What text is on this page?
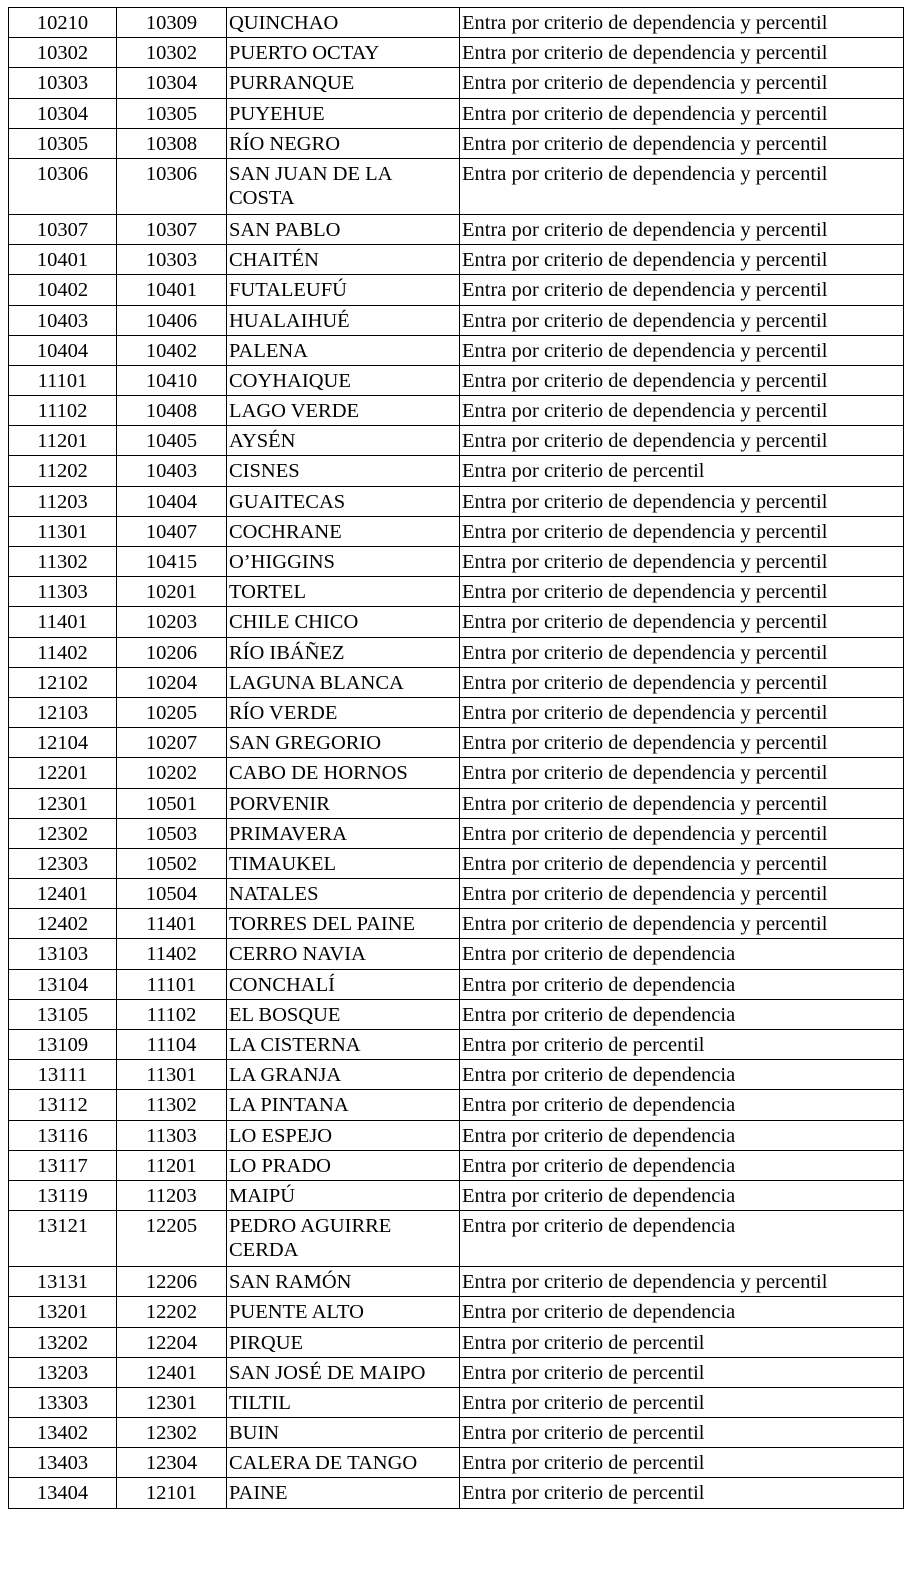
10210	10309	QUINCHAO	Entra por criterio de dependencia y percentil
10302	10302	PUERTO OCTAY	Entra por criterio de dependencia y percentil
10303	10304	PURRANQUE	Entra por criterio de dependencia y percentil
10304	10305	PUYEHUE	Entra por criterio de dependencia y percentil
10305	10308	RÍO NEGRO	Entra por criterio de dependencia y percentil
10306	10306	SAN JUAN DE LA COSTA	Entra por criterio de dependencia y percentil
10307	10307	SAN PABLO	Entra por criterio de dependencia y percentil
10401	10303	CHAITÉN	Entra por criterio de dependencia y percentil
10402	10401	FUTALEUFÚ	Entra por criterio de dependencia y percentil
10403	10406	HUALAIHUÉ	Entra por criterio de dependencia y percentil
10404	10402	PALENA	Entra por criterio de dependencia y percentil
11101	10410	COYHAIQUE	Entra por criterio de dependencia y percentil
11102	10408	LAGO VERDE	Entra por criterio de dependencia y percentil
11201	10405	AYSÉN	Entra por criterio de dependencia y percentil
11202	10403	CISNES	Entra por criterio de percentil
11203	10404	GUAITECAS	Entra por criterio de dependencia y percentil
11301	10407	COCHRANE	Entra por criterio de dependencia y percentil
11302	10415	O’HIGGINS	Entra por criterio de dependencia y percentil
11303	10201	TORTEL	Entra por criterio de dependencia y percentil
11401	10203	CHILE CHICO	Entra por criterio de dependencia y percentil
11402	10206	RÍO IBÁÑEZ	Entra por criterio de dependencia y percentil
12102	10204	LAGUNA BLANCA	Entra por criterio de dependencia y percentil
12103	10205	RÍO VERDE	Entra por criterio de dependencia y percentil
12104	10207	SAN GREGORIO	Entra por criterio de dependencia y percentil
12201	10202	CABO DE HORNOS	Entra por criterio de dependencia y percentil
12301	10501	PORVENIR	Entra por criterio de dependencia y percentil
12302	10503	PRIMAVERA	Entra por criterio de dependencia y percentil
12303	10502	TIMAUKEL	Entra por criterio de dependencia y percentil
12401	10504	NATALES	Entra por criterio de dependencia y percentil
12402	11401	TORRES DEL PAINE	Entra por criterio de dependencia y percentil
13103	11402	CERRO NAVIA	Entra por criterio de dependencia
13104	11101	CONCHALÍ	Entra por criterio de dependencia
13105	11102	EL BOSQUE	Entra por criterio de dependencia
13109	11104	LA CISTERNA	Entra por criterio de percentil
13111	11301	LA GRANJA	Entra por criterio de dependencia
13112	11302	LA PINTANA	Entra por criterio de dependencia
13116	11303	LO ESPEJO	Entra por criterio de dependencia
13117	11201	LO PRADO	Entra por criterio de dependencia
13119	11203	MAIPÚ	Entra por criterio de dependencia
13121	12205	PEDRO AGUIRRE CERDA	Entra por criterio de dependencia
13131	12206	SAN RAMÓN	Entra por criterio de dependencia y percentil
13201	12202	PUENTE ALTO	Entra por criterio de dependencia
13202	12204	PIRQUE	Entra por criterio de percentil
13203	12401	SAN JOSÉ DE MAIPO	Entra por criterio de percentil
13303	12301	TILTIL	Entra por criterio de percentil
13402	12302	BUIN	Entra por criterio de percentil
13403	12304	CALERA DE TANGO	Entra por criterio de percentil
13404	12101	PAINE	Entra por criterio de percentil
